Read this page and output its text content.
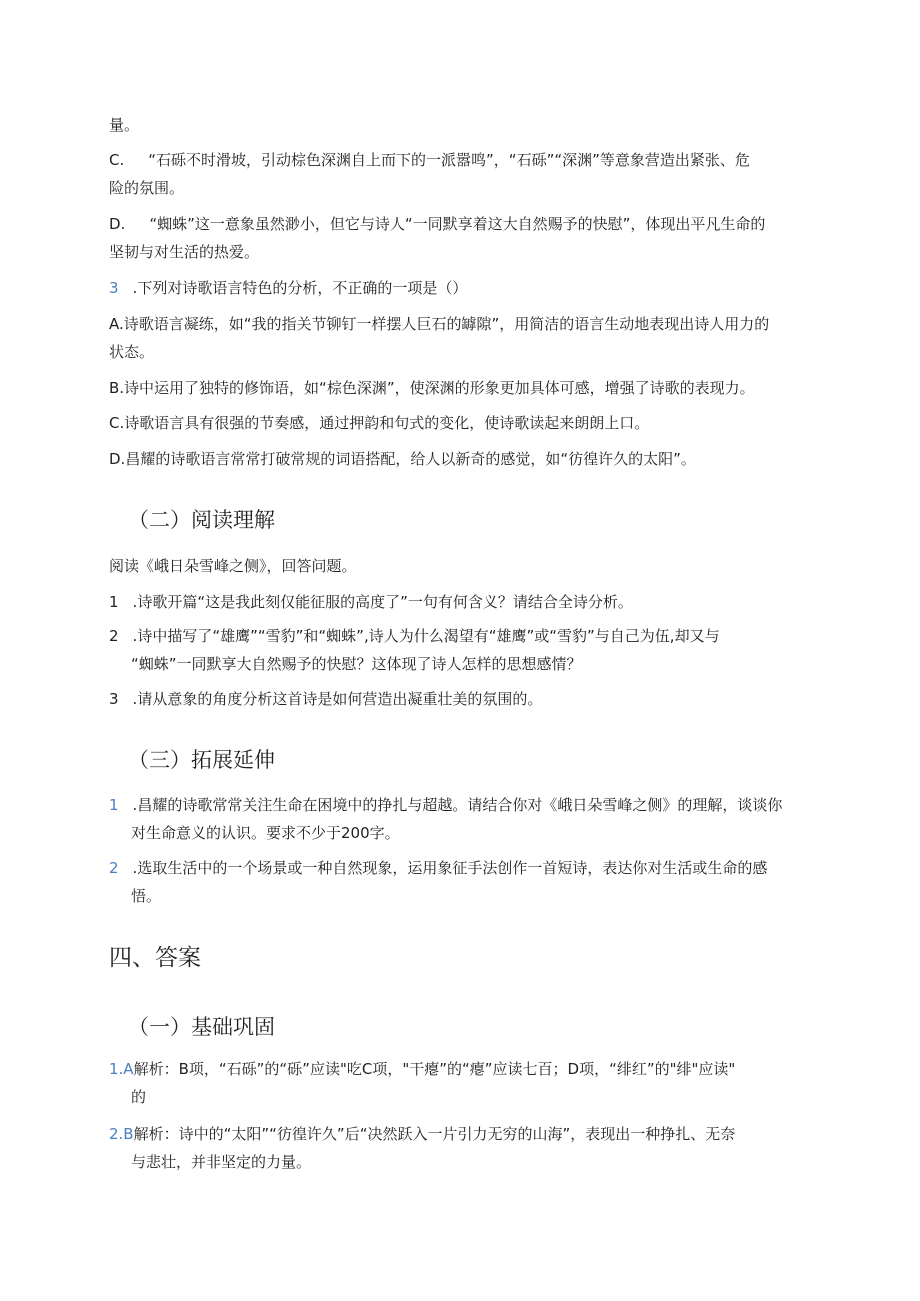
量。
C. “石砾不时滑坡，引动棕色深渊自上而下的一派嚣鸣”，“石砾”“深渊”等意象营造出紧张、危
险的氛围。
D. “蜘蛛”这一意象虽然渺小，但它与诗人“一同默享着这大自然赐予的快慰”，体现出平凡生命的
坚韧与对生活的热爱。
3 .下列对诗歌语言特色的分析，不正确的一项是（）
A.诗歌语言凝练，如“我的指关节铆钉一样摆人巨石的罅隙”，用简洁的语言生动地表现出诗人用力的
状态。
B.诗中运用了独特的修饰语，如“棕色深渊”，使深渊的形象更加具体可感，增强了诗歌的表现力。
C.诗歌语言具有很强的节奏感，通过押韵和句式的变化，使诗歌读起来朗朗上口。
D.昌耀的诗歌语言常常打破常规的词语搭配，给人以新奇的感觉，如“彷徨许久的太阳”。
（二）阅读理解
阅读《峨日朵雪峰之侧》，回答问题。
1 .诗歌开篇“这是我此刻仅能征服的高度了”一句有何含义？请结合全诗分析。
2 .诗中描写了“雄鹰”“雪豹”和“蜘蛛”,诗人为什么渴望有“雄鹰”或“雪豹”与自己为伍,却又与
“蜘蛛”一同默享大自然赐予的快慰？这体现了诗人怎样的思想感情？
3 .请从意象的角度分析这首诗是如何营造出凝重壮美的氛围的。
（三）拓展延伸
1 .昌耀的诗歌常常关注生命在困境中的挣扎与超越。请结合你对《峨日朵雪峰之侧》的理解，谈谈你
对生命意义的认识。要求不少于200字。
2 .选取生活中的一个场景或一种自然现象，运用象征手法创作一首短诗，表达你对生活或生命的感
悟。
四、答案
（一）基础巩固
1.A解析：B项，“石砾”的“砾”应读"吃C项，"干瘪”的“瘪”应读七百；D项，“绯红”的"绯"应读"
的
2.B解析：诗中的“太阳”“彷徨许久”后“决然跃入一片引力无穷的山海”，表现出一种挣扎、无奈
与悲壮，并非坚定的力量。
